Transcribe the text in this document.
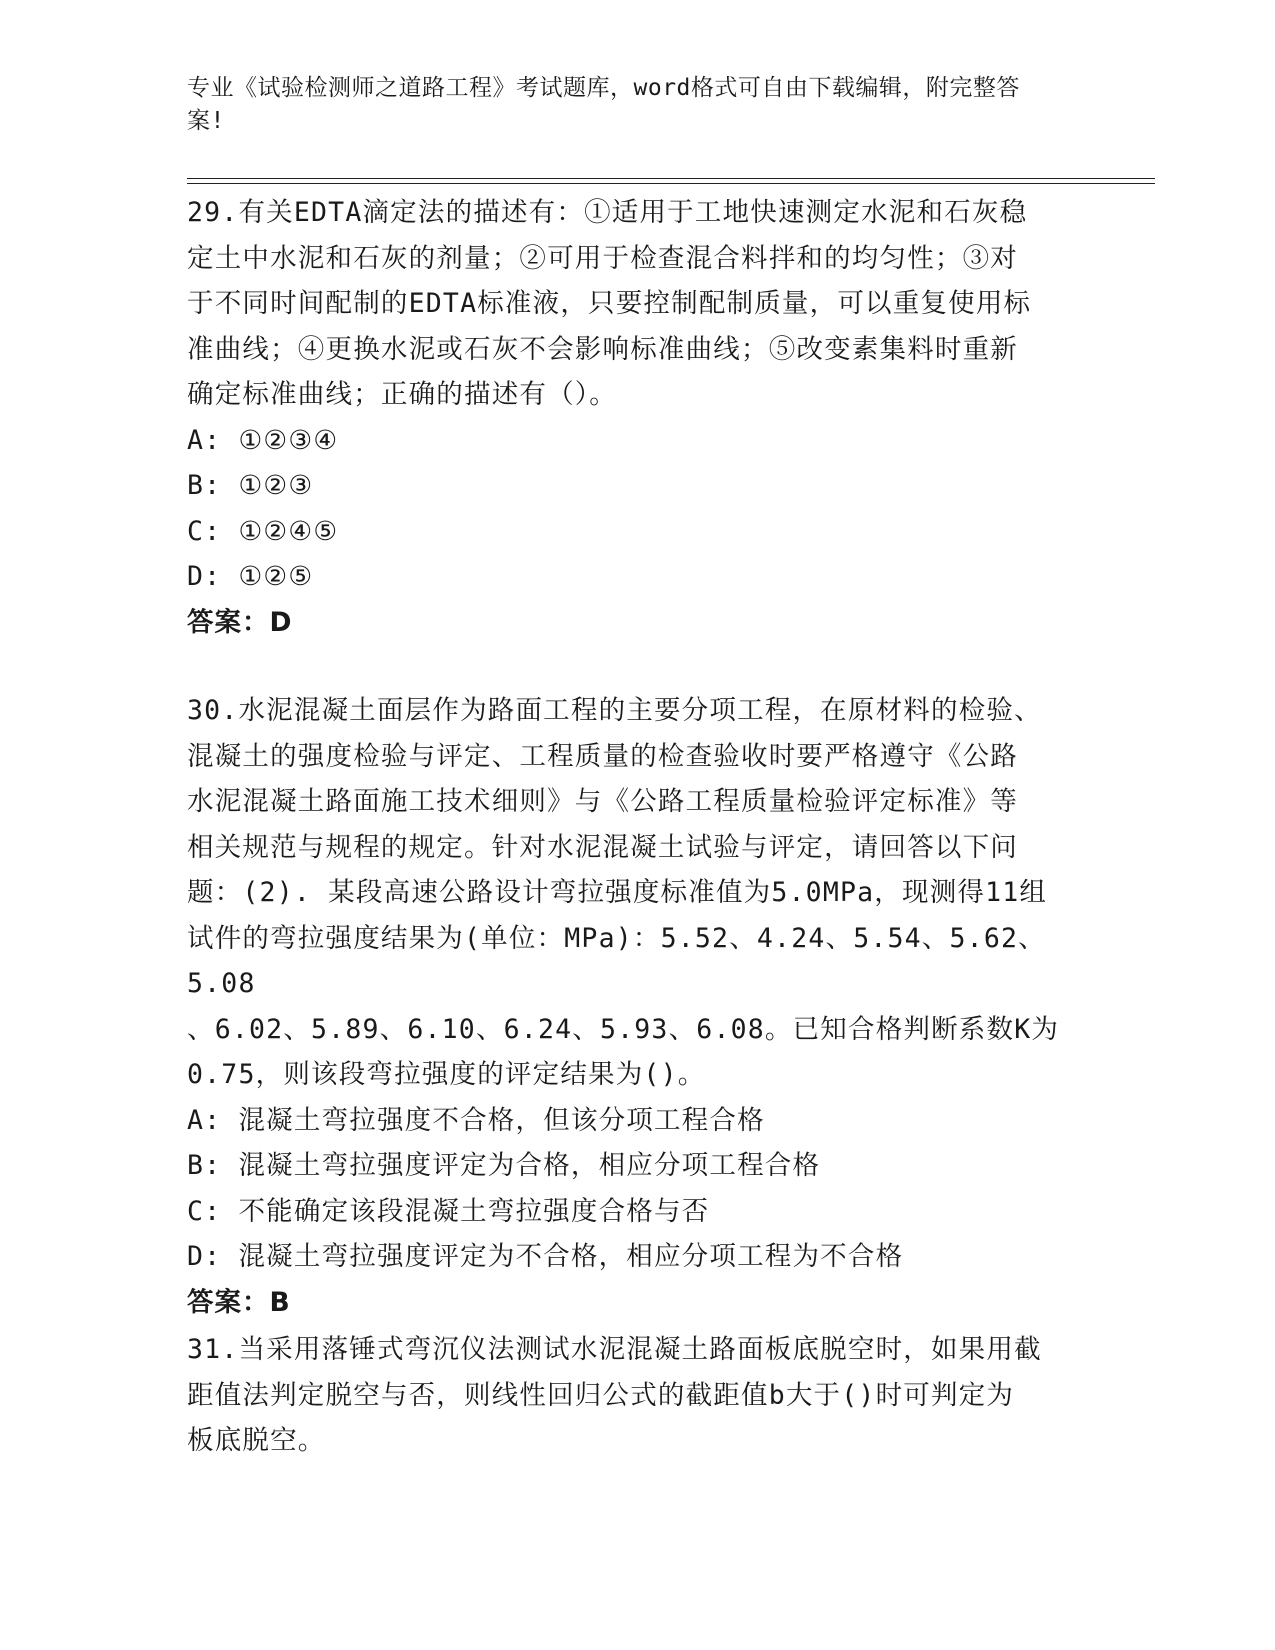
专业《试验检测师之道路工程》考试题库，word格式可自由下载编辑，附完整答
案!

29.有关EDTA滴定法的描述有：①适用于工地快速测定水泥和石灰稳

定土中水泥和石灰的剂量；②可用于检查混合料拌和的均匀性；③对

于不同时间配制的EDTA标准液，只要控制配制质量，可以重复使用标

准曲线；④更换水泥或石灰不会影响标准曲线；⑤改变素集料时重新

确定标准曲线；正确的描述有（）。

A: ①②③④

B: ①②③

C: ①②④⑤

D: ①②⑤

答案：D

30.水泥混凝土面层作为路面工程的主要分项工程，在原材料的检验、

混凝土的强度检验与评定、工程质量的检查验收时要严格遵守《公路

水泥混凝土路面施工技术细则》与《公路工程质量检验评定标准》等

相关规范与规程的规定。针对水泥混凝土试验与评定，请回答以下问

题：(2). 某段高速公路设计弯拉强度标准值为5.0MPa，现测得11组

试件的弯拉强度结果为(单位：MPa)：5.52、4.24、5.54、5.62、5.08

、6.02、5.89、6.10、6.24、5.93、6.08。已知合格判断系数K为

0.75，则该段弯拉强度的评定结果为()。

A: 混凝土弯拉强度不合格，但该分项工程合格

B: 混凝土弯拉强度评定为合格，相应分项工程合格

C: 不能确定该段混凝土弯拉强度合格与否

D: 混凝土弯拉强度评定为不合格，相应分项工程为不合格

答案：B

31.当采用落锤式弯沉仪法测试水泥混凝土路面板底脱空时，如果用截

距值法判定脱空与否，则线性回归公式的截距值b大于()时可判定为

板底脱空。
